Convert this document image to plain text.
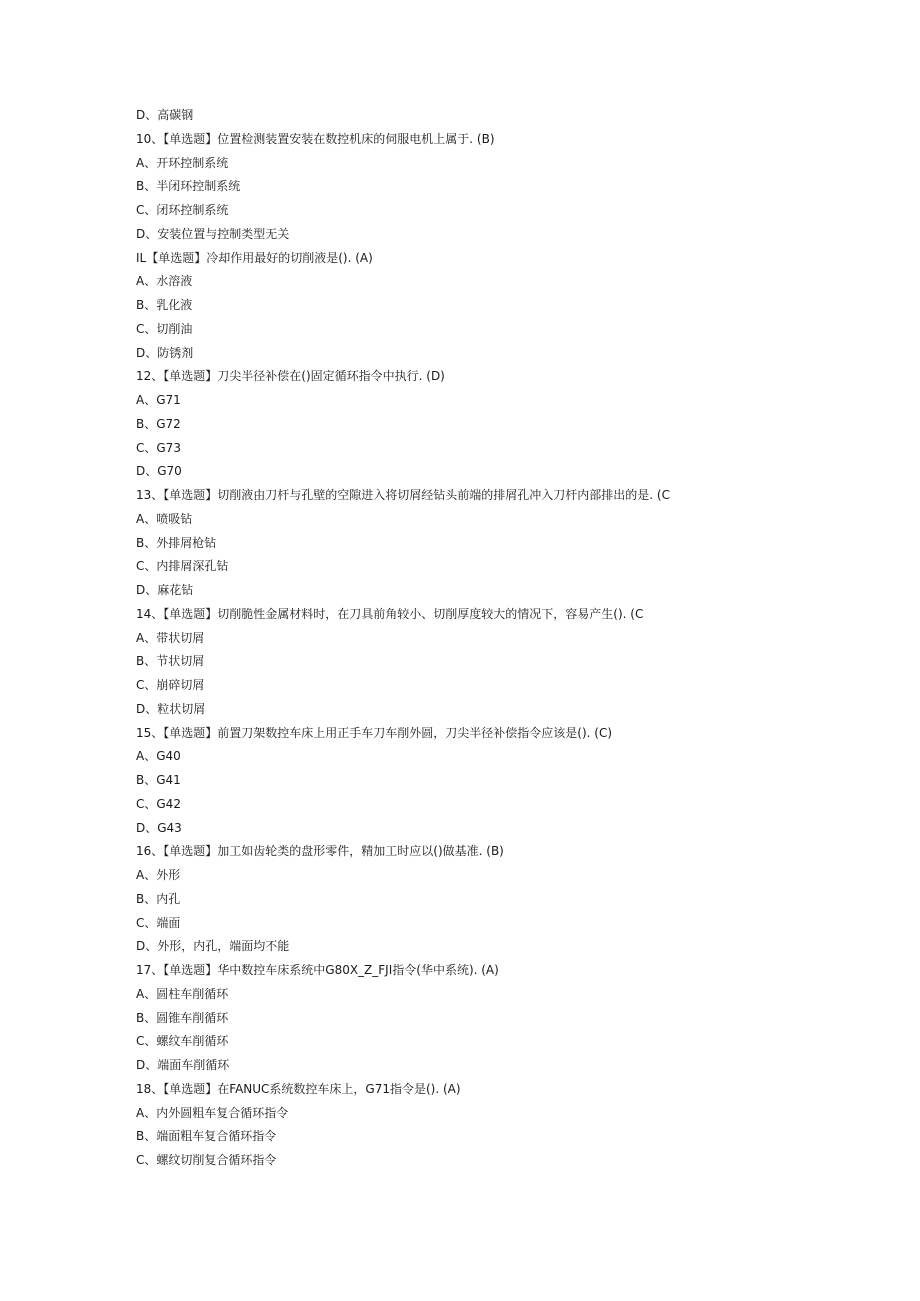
D、高碳钢
10、【单选题】位置检测装置安装在数控机床的伺服电机上属于. (B)
A、开环控制系统
B、半闭环控制系统
C、闭环控制系统
D、安装位置与控制类型无关
IL【单选题】冷却作用最好的切削液是(). (A)
A、水溶液
B、乳化液
C、切削油
D、防锈剂
12、【单选题】刀尖半径补偿在()固定循环指令中执行. (D)
A、G71
B、G72
C、G73
D、G70
13、【单选题】切削液由刀杆与孔壁的空隙进入将切屑经钻头前端的排屑孔冲入刀杆内部排出的是. (C
A、喷吸钻
B、外排屑枪钻
C、内排屑深孔钻
D、麻花钻
14、【单选题】切削脆性金属材料时，在刀具前角较小、切削厚度较大的情况下，容易产生(). (C
A、带状切屑
B、节状切屑
C、崩碎切屑
D、粒状切屑
15、【单选题】前置刀架数控车床上用正手车刀车削外圆，刀尖半径补偿指令应该是(). (C)
A、G40
B、G41
C、G42
D、G43
16、【单选题】加工如齿轮类的盘形零件，精加工时应以()做基准. (B)
A、外形
B、内孔
C、端面
D、外形，内孔，端面均不能
17、【单选题】华中数控车床系统中G80X_Z_FJI指令(华中系统). (A)
A、圆柱车削循环
B、圆锥车削循环
C、螺纹车削循环
D、端面车削循环
18、【单选题】在FANUC系统数控车床上，G71指令是(). (A)
A、内外圆粗车复合循环指令
B、端面粗车复合循环指令
C、螺纹切削复合循环指令
